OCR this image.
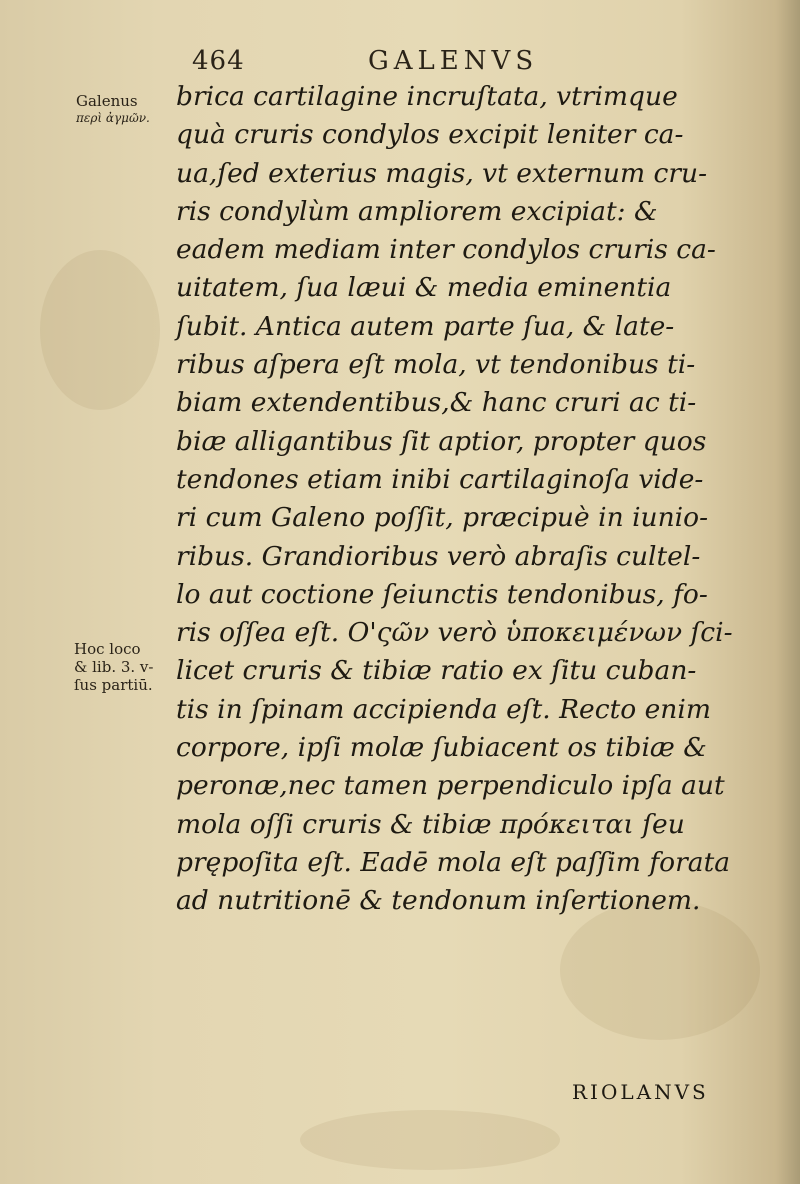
464	GALENVS
Galenus
περὶ ἀγμῶν.
Hoc loco
& lib. 3. v-
ſus partiū.
brica cartilagine incruſtata, vtrimque
quà cruris condylos excipit leniter ca-
ua,ſed exterius magis, vt externum cru-
ris condylùm ampliorem excipiat: &
eadem mediam inter condylos cruris ca-
uitatem, ſua læui & media eminentia
ſubit. Antica autem parte ſua, & late-
ribus aſpera eſt mola, vt tendonibus ti-
biam extendentibus,& hanc cruri ac ti-
biæ alligantibus ſit aptior, propter quos
tendones etiam inibi cartilaginoſa vide-
ri cum Galeno poſſit, præcipuè in iunio-
ribus. Grandioribus verò abraſis cultel-
lo aut coctione ſeiunctis tendonibus, fo-
ris oſſea eſt. Ο'ςῶν verò ὑποκειμένων ſci-
licet cruris & tibiæ ratio ex ſitu cuban-
tis in ſpinam accipienda eſt. Recto enim
corpore, ipſi molæ ſubiacent os tibiæ &
peronæ,nec tamen perpendiculo ipſa aut
mola oſſi cruris & tibiæ πρόκειται ſeu
prępoſita eſt. Eadē mola eſt paſſim forata
ad nutritionē & tendonum inſertionem.
RIOLANVS
